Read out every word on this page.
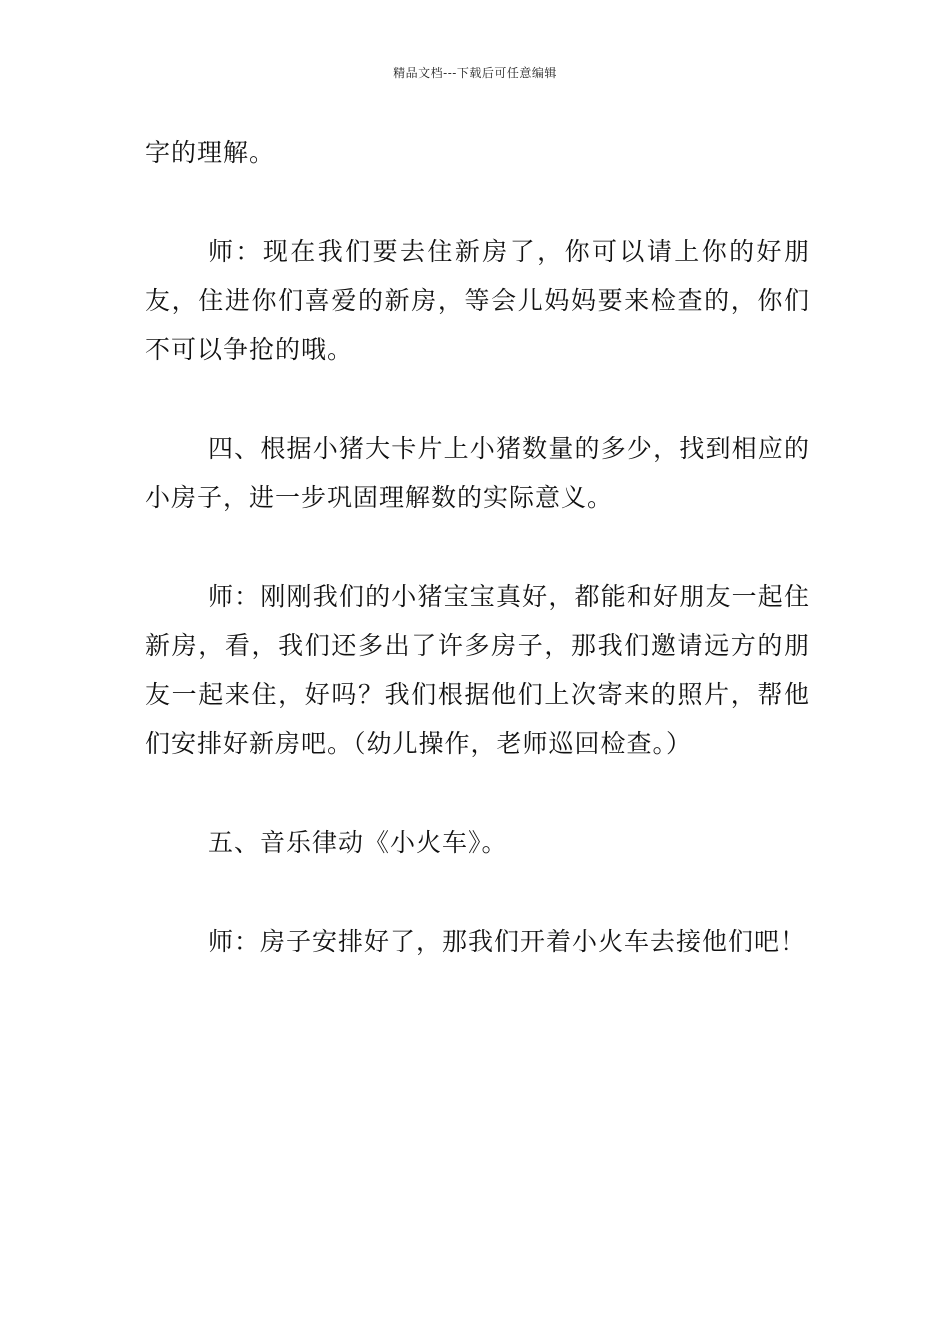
精品文档---下载后可任意编辑

字的理解。

师：现在我们要去住新房了，你可以请上你的好朋友，住进你们喜爱的新房，等会儿妈妈要来检查的，你们不可以争抢的哦。

四、根据小猪大卡片上小猪数量的多少，找到相应的小房子，进一步巩固理解数的实际意义。

师：刚刚我们的小猪宝宝真好，都能和好朋友一起住新房，看，我们还多出了许多房子，那我们邀请远方的朋友一起来住，好吗？我们根据他们上次寄来的照片，帮他们安排好新房吧。（幼儿操作，老师巡回检查。）

五、音乐律动《小火车》。

师：房子安排好了，那我们开着小火车去接他们吧！
